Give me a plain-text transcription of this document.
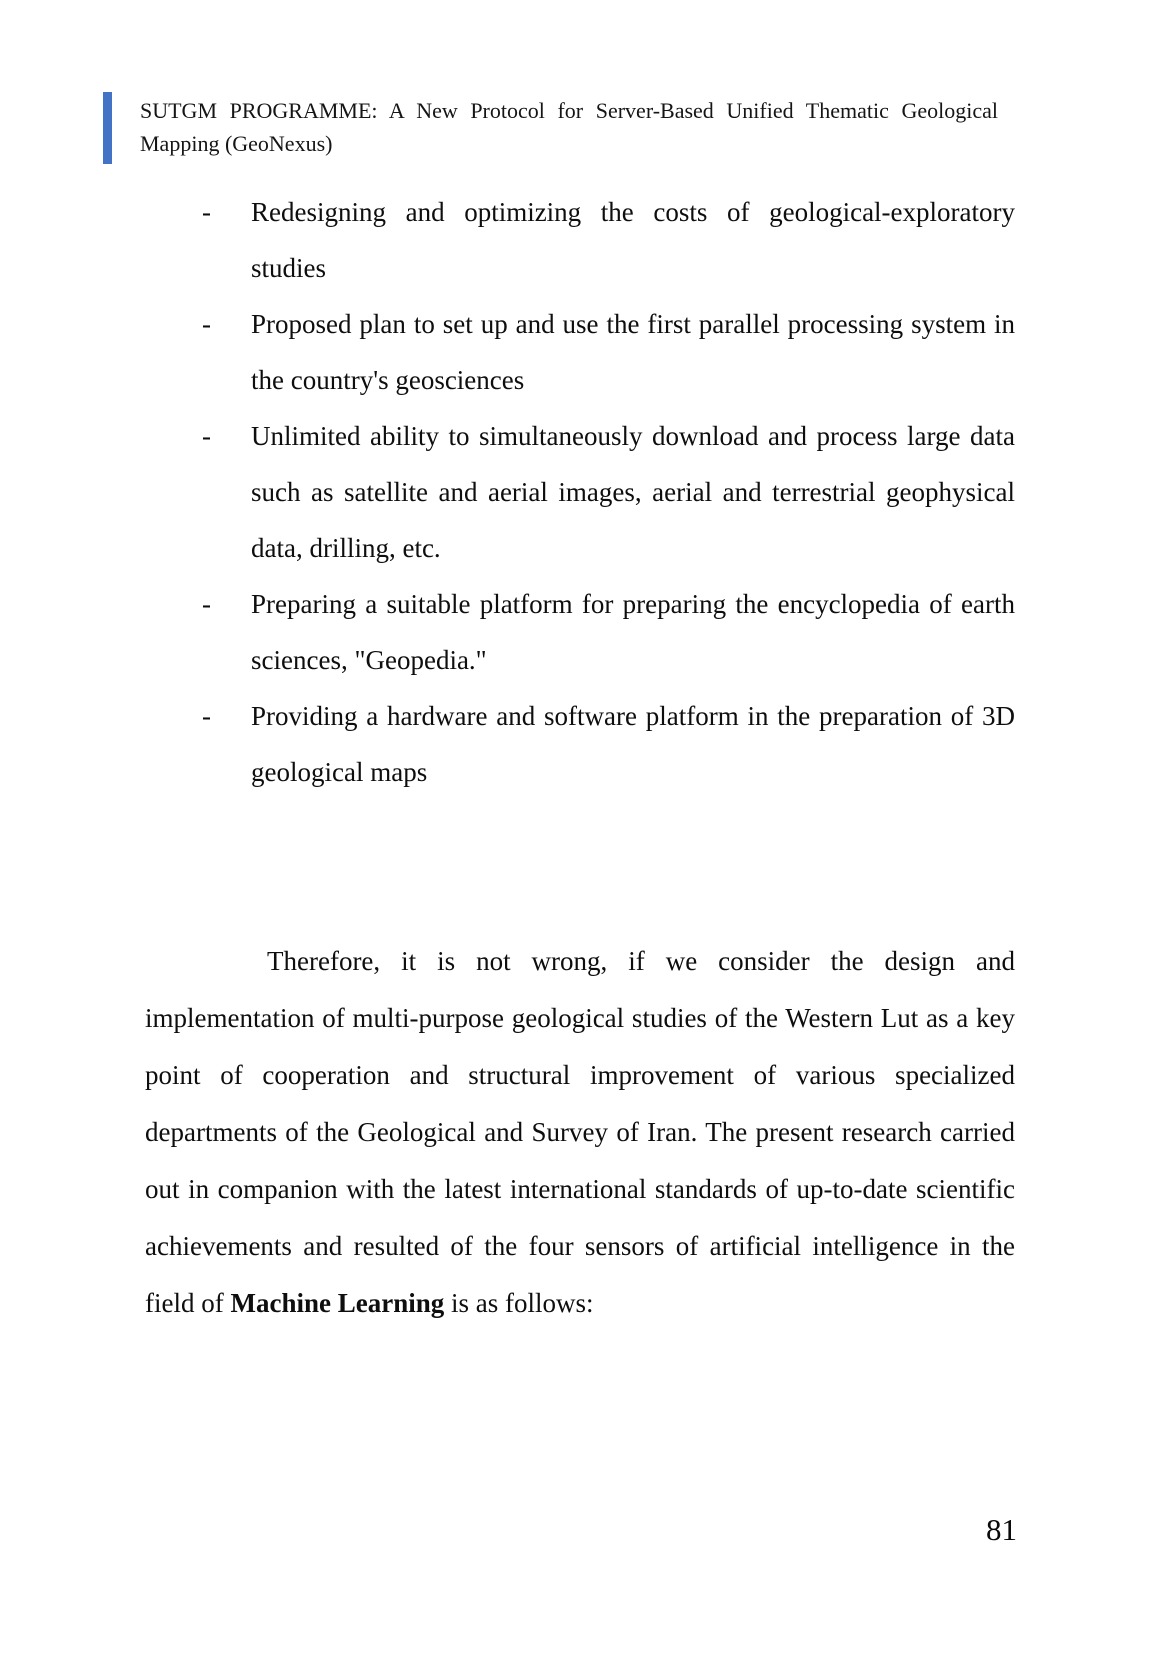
SUTGM PROGRAMME: A New Protocol for Server-Based Unified Thematic Geological Mapping (GeoNexus)
- Redesigning and optimizing the costs of geological-exploratory studies
- Proposed plan to set up and use the first parallel processing system in the country's geosciences
- Unlimited ability to simultaneously download and process large data such as satellite and aerial images, aerial and terrestrial geophysical data, drilling, etc.
- Preparing a suitable platform for preparing the encyclopedia of earth sciences, "Geopedia."
- Providing a hardware and software platform in the preparation of 3D geological maps

Therefore, it is not wrong, if we consider the design and implementation of multi-purpose geological studies of the Western Lut as a key point of cooperation and structural improvement of various specialized departments of the Geological and Survey of Iran. The present research carried out in companion with the latest international standards of up-to-date scientific achievements and resulted of the four sensors of artificial intelligence in the field of Machine Learning is as follows:

81
